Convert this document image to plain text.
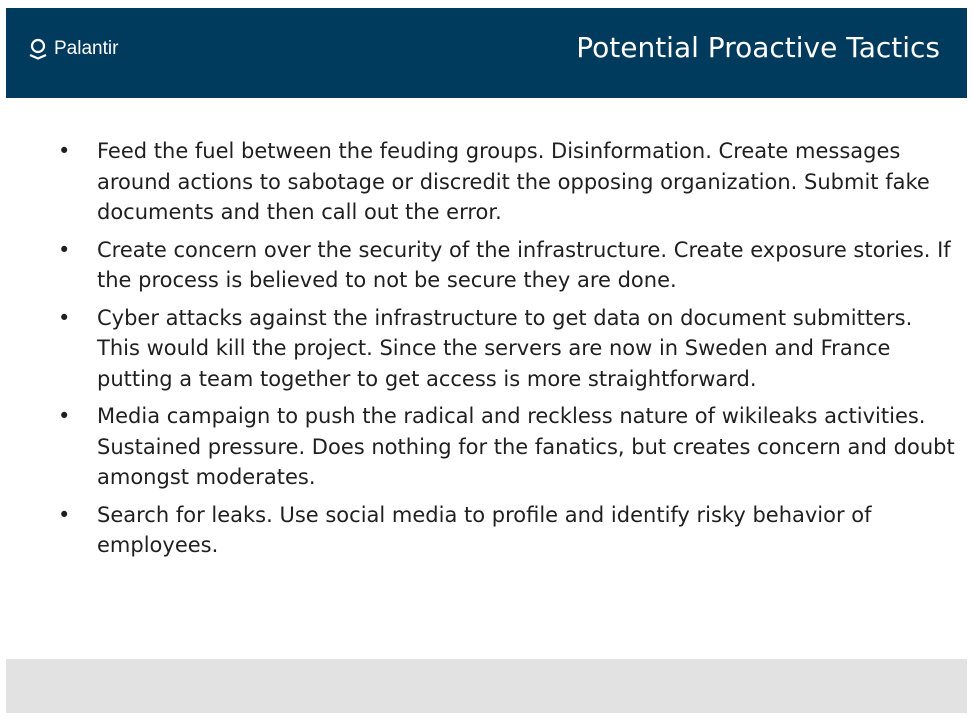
Palantir	Potential Proactive Tactics
• Feed the fuel between the feuding groups. Disinformation. Create messages around actions to sabotage or discredit the opposing organization. Submit fake documents and then call out the error.
• Create concern over the security of the infrastructure. Create exposure stories. If the process is believed to not be secure they are done.
• Cyber attacks against the infrastructure to get data on document submitters. This would kill the project. Since the servers are now in Sweden and France putting a team together to get access is more straightforward.
• Media campaign to push the radical and reckless nature of wikileaks activities. Sustained pressure. Does nothing for the fanatics, but creates concern and doubt amongst moderates.
• Search for leaks. Use social media to profile and identify risky behavior of employees.
